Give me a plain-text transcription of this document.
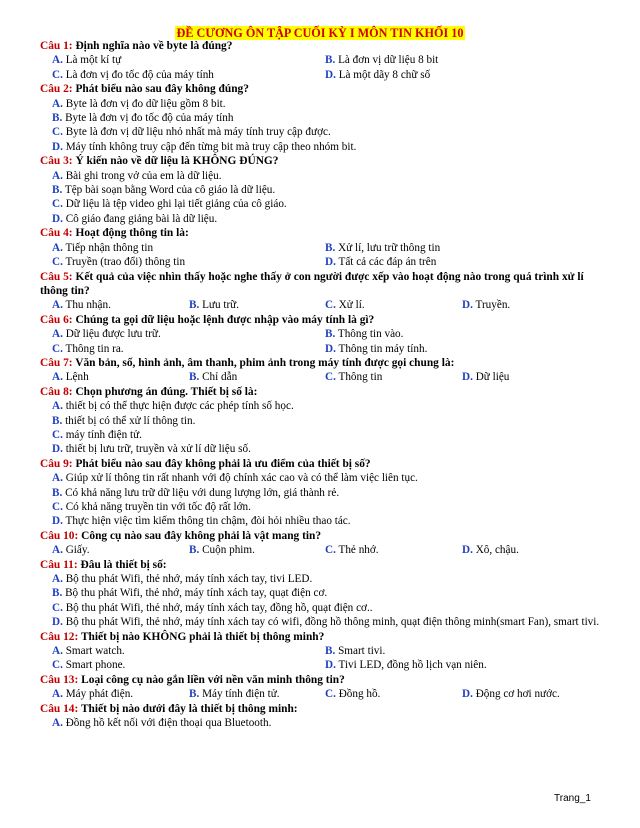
ĐỀ CƯƠNG ÔN TẬP CUỐI KỲ I MÔN TIN KHỐI 10
Câu 1: Định nghĩa nào về byte là đúng?
A. Là một kí tự	B. Là đơn vị dữ liệu 8 bit
C. Là đơn vị đo tốc độ của máy tính	D. Là một dãy 8 chữ số
Câu 2: Phát biểu nào sau đây không đúng?
A. Byte là đơn vị đo dữ liệu gồm 8 bit.
B. Byte là đơn vị đo tốc độ của máy tính
C. Byte là đơn vị dữ liệu nhỏ nhất mà máy tính truy cập được.
D. Máy tính không truy cập đến từng bit mà truy cập theo nhóm bit.
Câu 3: Ý kiến nào về dữ liệu là KHÔNG ĐÚNG?
A. Bài ghi trong vở của em là dữ liệu.
B. Tệp bài soạn bằng Word của cô giáo là dữ liệu.
C. Dữ liệu là tệp video ghi lại tiết giảng của cô giáo.
D. Cô giáo đang giảng bài là dữ liệu.
Câu 4: Hoạt động thông tin là:
A. Tiếp nhận thông tin	B. Xử lí, lưu trữ thông tin
C. Truyền (trao đổi) thông tin	D. Tất cả các đáp án trên
Câu 5: Kết quả của việc nhìn thấy hoặc nghe thấy ở con người được xếp vào hoạt động nào trong quá trình xử lí thông tin?
A. Thu nhận.	B. Lưu trữ.	C. Xử lí.	D. Truyền.
Câu 6: Chúng ta gọi dữ liệu hoặc lệnh được nhập vào máy tính là gì?
A. Dữ liệu được lưu trữ.	B. Thông tin vào.
C. Thông tin ra.	D. Thông tin máy tính.
Câu 7: Văn bản, số, hình ảnh, âm thanh, phim ảnh trong máy tính được gọi chung là:
A. Lệnh	B. Chỉ dẫn	C. Thông tin	D. Dữ liệu
Câu 8: Chọn phương án đúng. Thiết bị số là:
A. thiết bị có thể thực hiện được các phép tính số học.
B. thiết bị có thể xử lí thông tin.
C. máy tính điện tử.
D. thiết bị lưu trữ, truyền và xử lí dữ liệu số.
Câu 9: Phát biểu nào sau đây không phải là ưu điểm của thiết bị số?
A. Giúp xử lí thông tin rất nhanh với độ chính xác cao và có thể làm việc liên tục.
B. Có khả năng lưu trữ dữ liệu với dung lượng lớn, giá thành rẻ.
C. Có khả năng truyền tin với tốc độ rất lớn.
D. Thực hiện việc tìm kiếm thông tin chậm, đòi hỏi nhiều thao tác.
Câu 10: Công cụ nào sau đây không phải là vật mang tin?
A. Giấy.	B. Cuộn phim.	C. Thẻ nhớ.	D. Xô, chậu.
Câu 11: Đâu là thiết bị số:
A. Bộ thu phát Wifi, thẻ nhớ, máy tính xách tay, tivi LED.
B. Bộ thu phát Wifi, thẻ nhớ, máy tính xách tay, quạt điện cơ.
C. Bộ thu phát Wifi, thẻ nhớ, máy tính xách tay, đồng hồ, quạt điện cơ..
D. Bộ thu phát Wifi, thẻ nhớ, máy tính xách tay có wifi, đồng hồ thông minh, quạt điện thông minh(smart Fan), smart tivi.
Câu 12: Thiết bị nào KHÔNG phải là thiết bị thông minh?
A. Smart watch.	B. Smart tivi.
C. Smart phone.	D. Tivi LED, đồng hồ lịch vạn niên.
Câu 13: Loại công cụ nào gắn liền với nền văn minh thông tin?
A. Máy phát điện.	B. Máy tính điện tử.	C. Đồng hồ.	D. Động cơ hơi nước.
Câu 14: Thiết bị nào dưới đây là thiết bị thông minh:
A. Đồng hồ kết nối với điện thoại qua Bluetooth.
Trang_1
